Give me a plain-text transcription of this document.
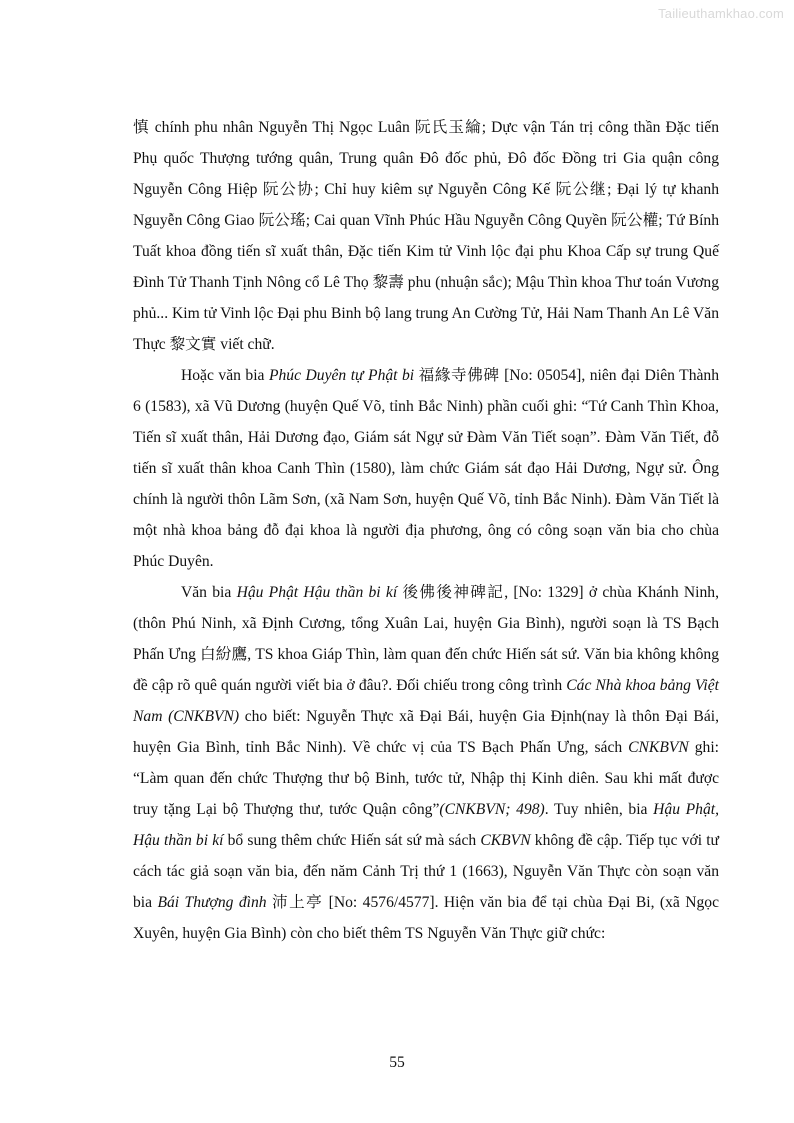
Tailieuthamkhao.com

慎 chính phu nhân Nguyễn Thị Ngọc Luân 阮氏玉綸; Dực vận Tán trị công thần Đặc tiến Phụ quốc Thượng tướng quân, Trung quân Đô đốc phủ, Đô đốc Đồng tri Gia quận công Nguyễn Công Hiệp 阮公协; Chỉ huy kiêm sự Nguyễn Công Kế 阮公继; Đại lý tự khanh Nguyễn Công Giao 阮公瑤; Cai quan Vĩnh Phúc Hầu Nguyễn Công Quyền 阮公權; Tứ Bính Tuất khoa đồng tiến sĩ xuất thân, Đặc tiến Kim tử Vinh lộc đại phu Khoa Cấp sự trung Quế Đình Tử Thanh Tịnh Nông cổ Lê Thọ 黎壽 phu (nhuận sắc); Mậu Thìn khoa Thư toán Vương phủ... Kim tử Vinh lộc Đại phu Binh bộ lang trung An Cường Tử, Hải Nam Thanh An Lê Văn Thực 黎文實 viết chữ.

Hoặc văn bia Phúc Duyên tự Phật bi 福緣寺佛碑 [No: 05054], niên đại Diên Thành 6 (1583), xã Vũ Dương (huyện Quế Võ, tỉnh Bắc Ninh) phần cuối ghi: “Tứ Canh Thìn Khoa, Tiến sĩ xuất thân, Hải Dương đạo, Giám sát Ngự sử Đàm Văn Tiết soạn”. Đàm Văn Tiết, đỗ tiến sĩ xuất thân khoa Canh Thìn (1580), làm chức Giám sát đạo Hải Dương, Ngự sử. Ông chính là người thôn Lãm Sơn, (xã Nam Sơn, huyện Quế Võ, tỉnh Bắc Ninh). Đàm Văn Tiết là một nhà khoa bảng đỗ đại khoa là người địa phương, ông có công soạn văn bia cho chùa Phúc Duyên.

Văn bia Hậu Phật Hậu thần bi kí 後佛後神碑記, [No: 1329] ở chùa Khánh Ninh, (thôn Phú Ninh, xã Định Cương, tổng Xuân Lai, huyện Gia Bình), người soạn là TS Bạch Phấn Ưng 白紛鷹, TS khoa Giáp Thìn, làm quan đến chức Hiến sát sứ. Văn bia không không đề cập rõ quê quán người viết bia ở đâu?. Đối chiếu trong công trình Các Nhà khoa bảng Việt Nam (CNKBVN) cho biết: Nguyễn Thực xã Đại Bái, huyện Gia Định(nay là thôn Đại Bái, huyện Gia Bình, tỉnh Bắc Ninh). Về chức vị của TS Bạch Phấn Ưng, sách CNKBVN ghi: “Làm quan đến chức Thượng thư bộ Binh, tước tử, Nhập thị Kinh diên. Sau khi mất được truy tặng Lại bộ Thượng thư, tước Quận công”(CNKBVN; 498). Tuy nhiên, bia Hậu Phật, Hậu thần bi kí bổ sung thêm chức Hiến sát sứ mà sách CKBVN không đề cập. Tiếp tục với tư cách tác giả soạn văn bia, đến năm Cảnh Trị thứ 1 (1663), Nguyễn Văn Thực còn soạn văn bia Bái Thượng đình 沛上亭 [No: 4576/4577]. Hiện văn bia để tại chùa Đại Bi, (xã Ngọc Xuyên, huyện Gia Bình) còn cho biết thêm TS Nguyễn Văn Thực giữ chức:

55
